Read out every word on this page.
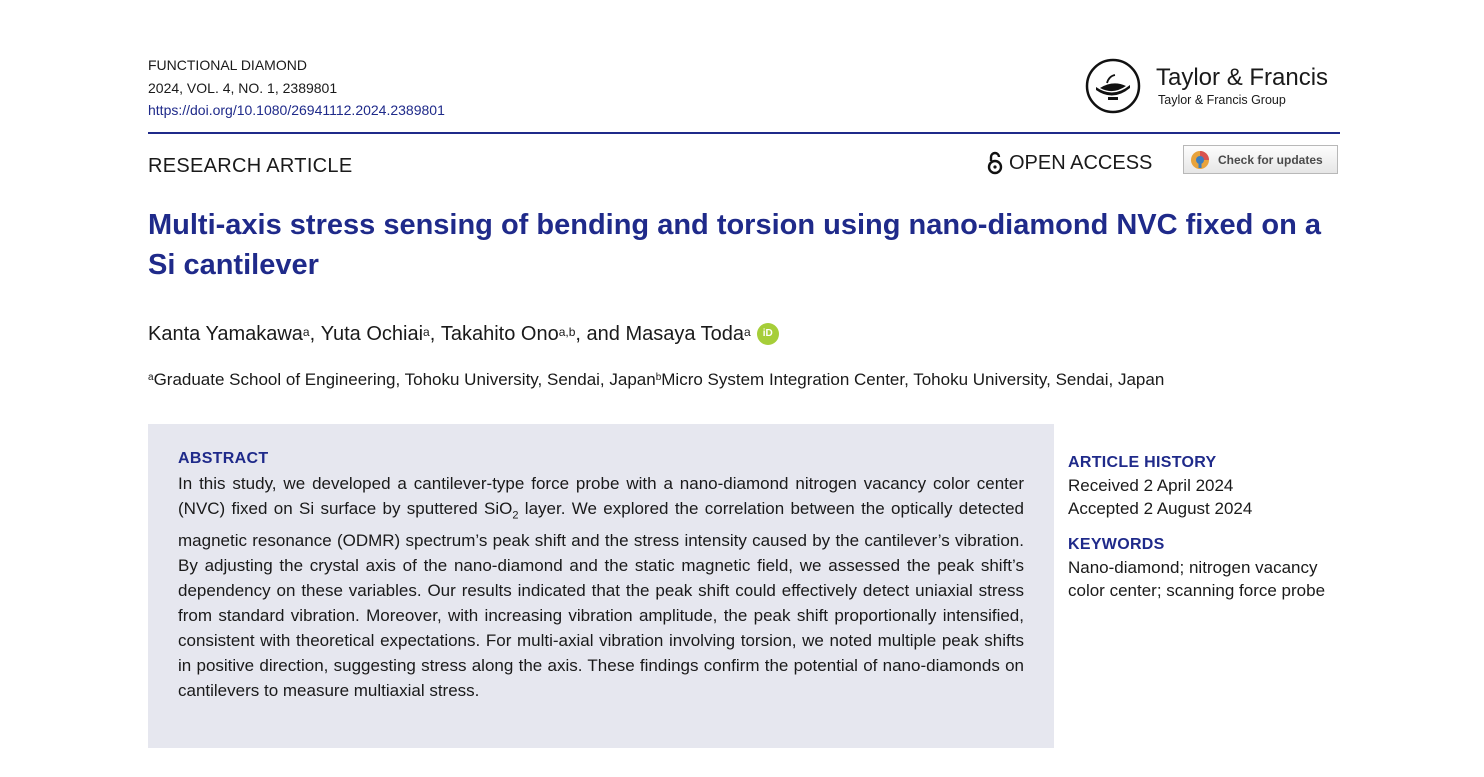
FUNCTIONAL DIAMOND
2024, VOL. 4, NO. 1, 2389801
https://doi.org/10.1080/26941112.2024.2389801
Taylor & Francis
Taylor & Francis Group
RESEARCH ARTICLE	OPEN ACCESS	Check for updates
Multi-axis stress sensing of bending and torsion using nano-diamond NVC fixed on a Si cantilever
Kanta Yamakawa$^a$ , Yuta Ochiai$^a$ , Takahito Ono$^{a,b}$ , and Masaya Toda$^a$	iD
$^a$Graduate School of Engineering, Tohoku University, Sendai, Japan$^b$Micro System Integration Center, Tohoku University, Sendai, Japan
ABSTRACT
In this study, we developed a cantilever-type force probe with a nano-diamond nitrogen vacancy color center (NVC) fixed on Si surface by sputtered SiO$_2$ layer. We explored the correlation between the optically detected magnetic resonance (ODMR) spectrum’s peak shift and the stress intensity caused by the cantilever’s vibration. By adjusting the crystal axis of the nano-diamond and the static magnetic field, we assessed the peak shift’s dependency on these variables. Our results indicated that the peak shift could effectively detect uniaxial stress from standard vibration. Moreover, with increasing vibration amplitude, the peak shift proportionally intensified, consistent with theoretical expectations. For multi-axial vibration involving torsion, we noted multiple peak shifts in positive direction, suggesting stress along the axis. These findings confirm the potential of nano-diamonds on cantilevers to measure multiaxial stress.
ARTICLE HISTORY
Received 2 April 2024
Accepted 2 August 2024
KEYWORDS
Nano-diamond; nitrogen vacancy color center; scanning force probe
